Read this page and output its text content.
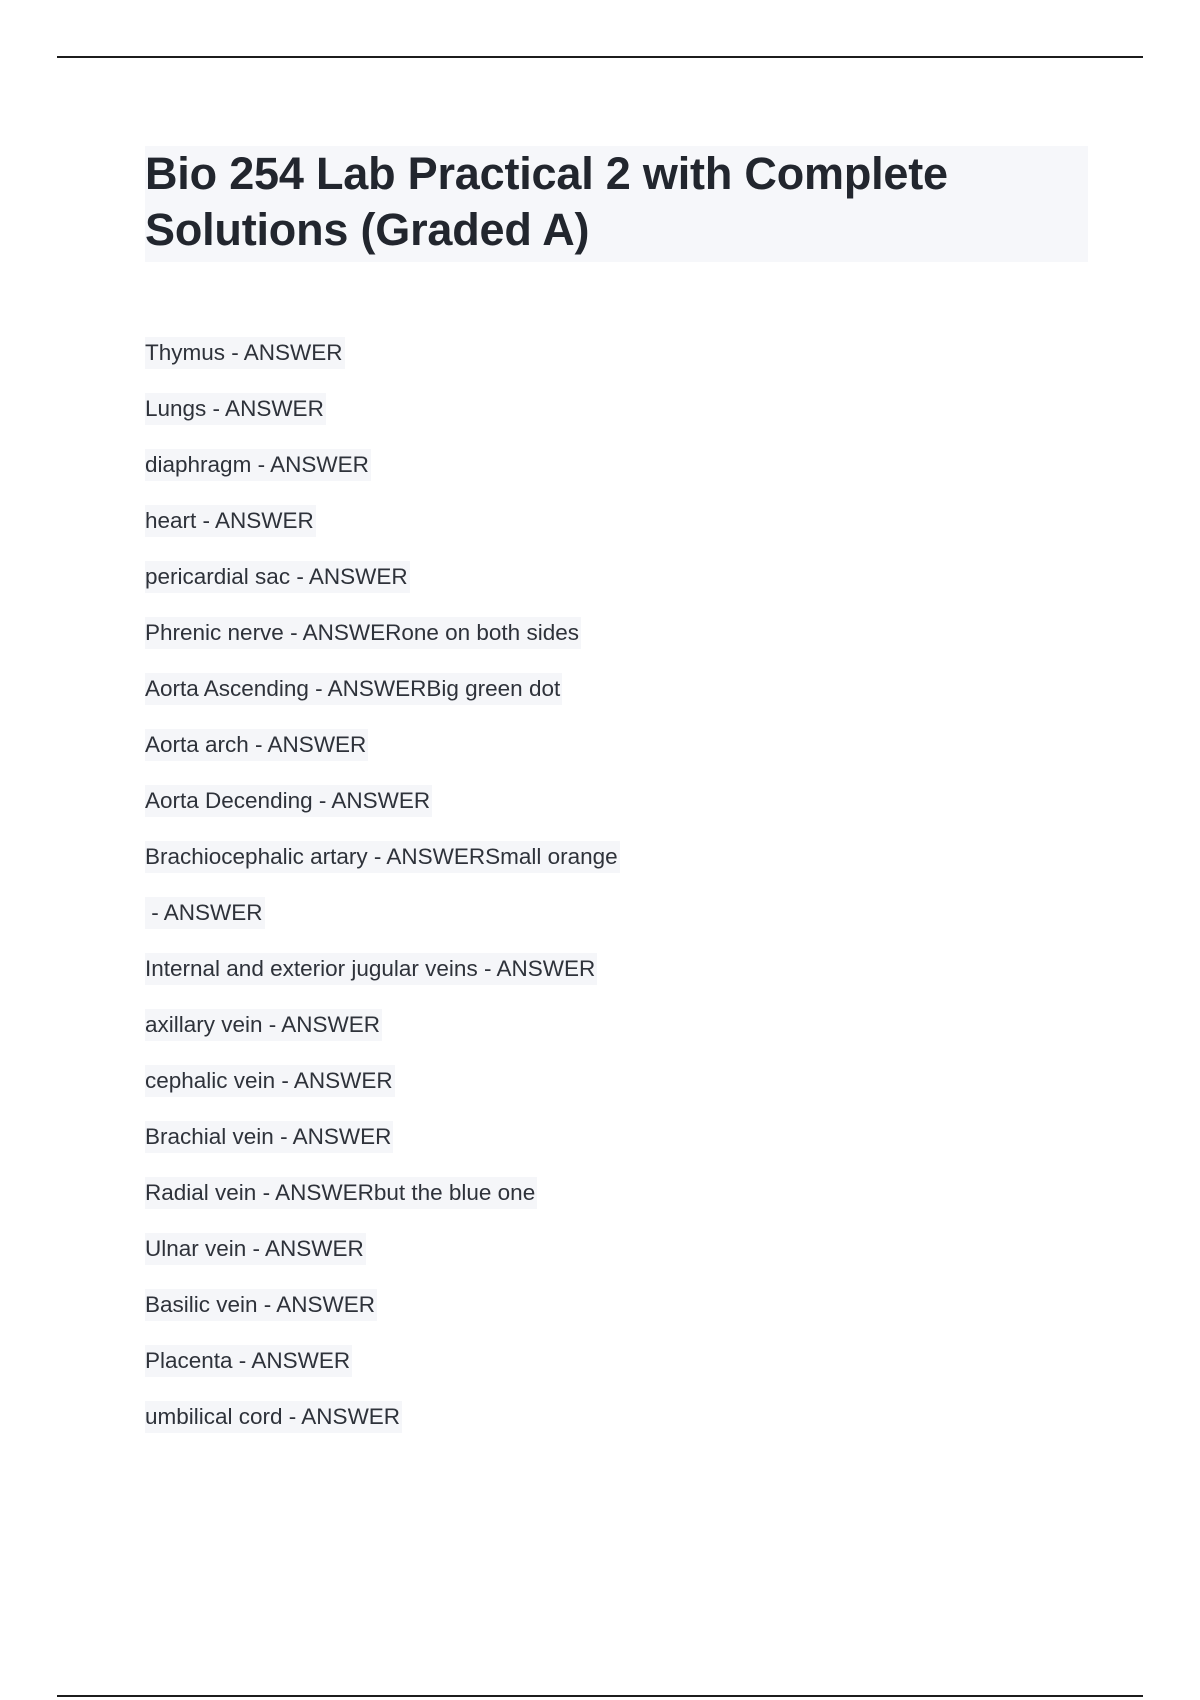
Bio 254 Lab Practical 2 with Complete Solutions (Graded A)
Thymus - ANSWER
Lungs - ANSWER
diaphragm - ANSWER
heart - ANSWER
pericardial sac - ANSWER
Phrenic nerve - ANSWERone on both sides
Aorta Ascending - ANSWERBig green dot
Aorta arch - ANSWER
Aorta Decending - ANSWER
Brachiocephalic artary - ANSWERSmall orange
- ANSWER
Internal and exterior jugular veins - ANSWER
axillary vein - ANSWER
cephalic vein - ANSWER
Brachial vein - ANSWER
Radial vein - ANSWERbut the blue one
Ulnar vein - ANSWER
Basilic vein - ANSWER
Placenta - ANSWER
umbilical cord - ANSWER
